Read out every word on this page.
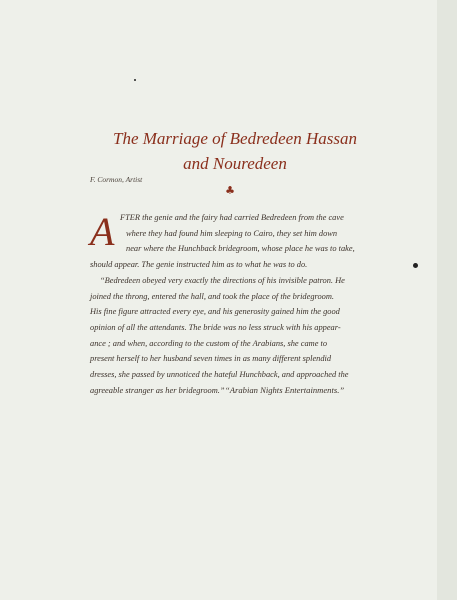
The Marriage of Bedredeen Hassan
and Nouredeen
F. Cormon, Artist
♣
A FTER the genie and the fairy had carried Bedredeen from the cave
where they had found him sleeping to Cairo, they set him down
near where the Hunchback bridegroom, whose place he was to take,
should appear. The genie instructed him as to what he was to do.
“Bedredeen obeyed very exactly the directions of his invisible patron. He
joined the throng, entered the hall, and took the place of the bridegroom.
His fine figure attracted every eye, and his generosity gained him the good
opinion of all the attendants. The bride was no less struck with his appear-
ance ; and when, according to the custom of the Arabians, she came to
present herself to her husband seven times in as many different splendid
dresses, she passed by unnoticed the hateful Hunchback, and approached the
agreeable stranger as her bridegroom.” “Arabian Nights Entertainments.”
